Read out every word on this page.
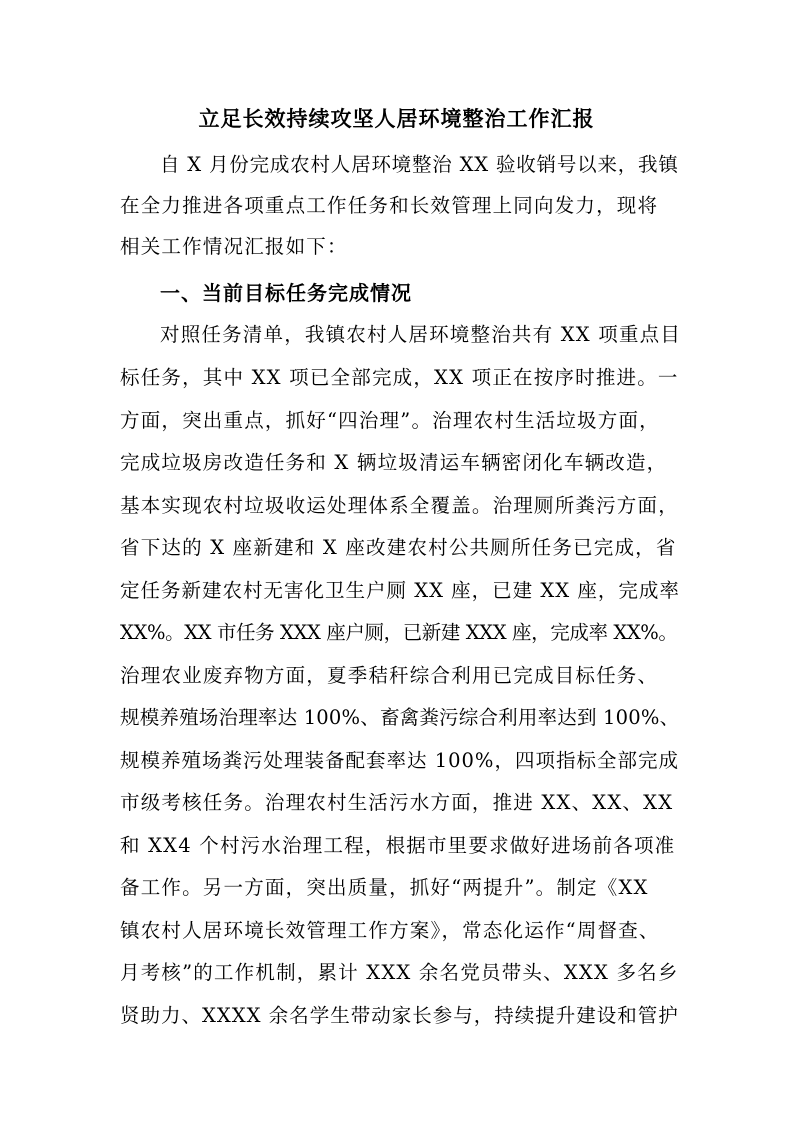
立足长效持续攻坚人居环境整治工作汇报
自 X 月份完成农村人居环境整治 XX 验收销号以来，我镇
在全力推进各项重点工作任务和长效管理上同向发力，现将
相关工作情况汇报如下：
一、当前目标任务完成情况
对照任务清单，我镇农村人居环境整治共有 XX 项重点目
标任务，其中 XX 项已全部完成，XX 项正在按序时推进。一
方面，突出重点，抓好“四治理”。治理农村生活垃圾方面，
完成垃圾房改造任务和 X 辆垃圾清运车辆密闭化车辆改造，
基本实现农村垃圾收运处理体系全覆盖。治理厕所粪污方面，
省下达的 X 座新建和 X 座改建农村公共厕所任务已完成，省
定任务新建农村无害化卫生户厕 XX 座，已建 XX 座，完成率
XX%。XX 市任务 XXX 座户厕，已新建 XXX 座，完成率 XX%。
治理农业废弃物方面，夏季秸秆综合利用已完成目标任务、
规模养殖场治理率达 100%、畜禽粪污综合利用率达到 100%、
规模养殖场粪污处理装备配套率达 100%，四项指标全部完成
市级考核任务。治理农村生活污水方面，推进 XX、XX、XX
和 XX4 个村污水治理工程，根据市里要求做好进场前各项准
备工作。另一方面，突出质量，抓好“两提升”。制定《XX
镇农村人居环境长效管理工作方案》，常态化运作“周督查、
月考核”的工作机制，累计 XXX 余名党员带头、XXX 多名乡
贤助力、XXXX 余名学生带动家长参与，持续提升建设和管护
